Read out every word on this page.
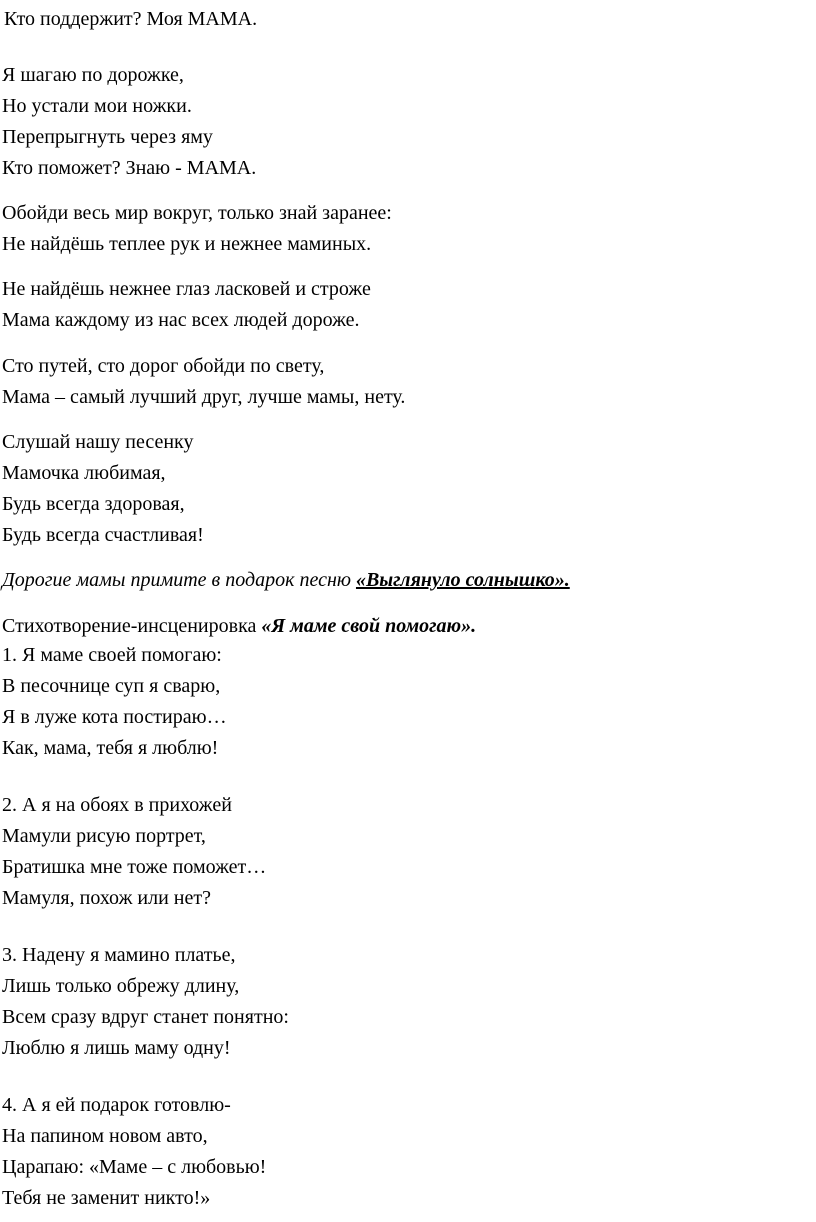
Кто поддержит? Моя МАМА.
Я шагаю по дорожке,
Но устали мои ножки.
Перепрыгнуть через яму
Кто поможет? Знаю - МАМА.
Обойди весь мир вокруг, только знай заранее:
Не найдёшь теплее рук и нежнее маминых.
Не найдёшь нежнее глаз ласковей и строже
Мама каждому из нас всех людей дороже.
Сто путей, сто дорог обойди по свету,
Мама – самый лучший друг, лучше мамы, нету.
Слушай нашу песенку
Мамочка любимая,
Будь всегда здоровая,
Будь всегда счастливая!
Дорогие мамы примите в подарок песню «Выглянуло солнышко».
Стихотворение-инсценировка «Я маме свой помогаю».
1. Я маме своей помогаю:
В песочнице суп я сварю,
Я в луже кота постираю…
Как, мама, тебя я люблю!
2. А я на обоях в прихожей
Мамули рисую портрет,
Братишка мне тоже поможет…
Мамуля, похож или нет?
3. Надену я мамино платье,
Лишь только обрежу длину,
Всем сразу вдруг станет понятно:
Люблю я лишь маму одну!
4. А я ей подарок готовлю-
На папином новом авто,
Царапаю: «Маме – с любовью!
Тебя не заменит никто!»
